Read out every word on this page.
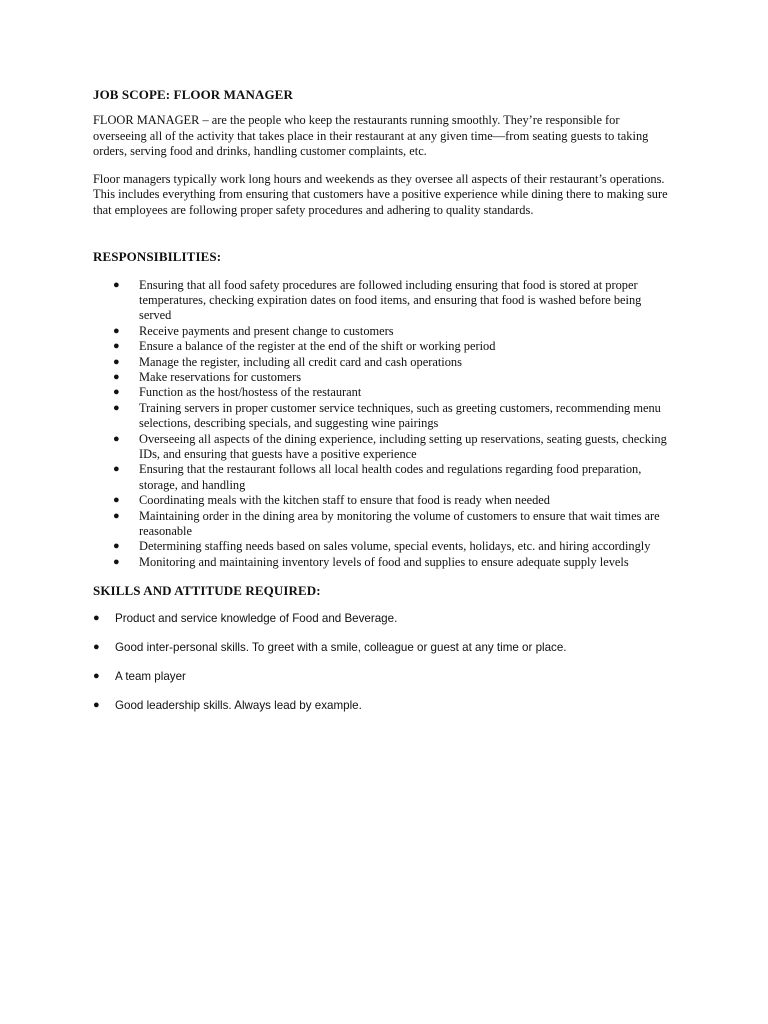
JOB SCOPE: FLOOR MANAGER

FLOOR MANAGER – are the people who keep the restaurants running smoothly. They’re responsible for overseeing all of the activity that takes place in their restaurant at any given time—from seating guests to taking orders, serving food and drinks, handling customer complaints, etc.

Floor managers typically work long hours and weekends as they oversee all aspects of their restaurant’s operations. This includes everything from ensuring that customers have a positive experience while dining there to making sure that employees are following proper safety procedures and adhering to quality standards.

RESPONSIBILITIES:
● Ensuring that all food safety procedures are followed including ensuring that food is stored at proper temperatures, checking expiration dates on food items, and ensuring that food is washed before being served
● Receive payments and present change to customers
● Ensure a balance of the register at the end of the shift or working period
● Manage the register, including all credit card and cash operations
● Make reservations for customers
● Function as the host/hostess of the restaurant
● Training servers in proper customer service techniques, such as greeting customers, recommending menu selections, describing specials, and suggesting wine pairings
● Overseeing all aspects of the dining experience, including setting up reservations, seating guests, checking IDs, and ensuring that guests have a positive experience
● Ensuring that the restaurant follows all local health codes and regulations regarding food preparation, storage, and handling
● Coordinating meals with the kitchen staff to ensure that food is ready when needed
● Maintaining order in the dining area by monitoring the volume of customers to ensure that wait times are reasonable
● Determining staffing needs based on sales volume, special events, holidays, etc. and hiring accordingly
● Monitoring and maintaining inventory levels of food and supplies to ensure adequate supply levels
SKILLS AND ATTITUDE REQUIRED:
● Product and service knowledge of Food and Beverage.
● Good inter-personal skills. To greet with a smile, colleague or guest at any time or place.
● A team player
● Good leadership skills. Always lead by example.
